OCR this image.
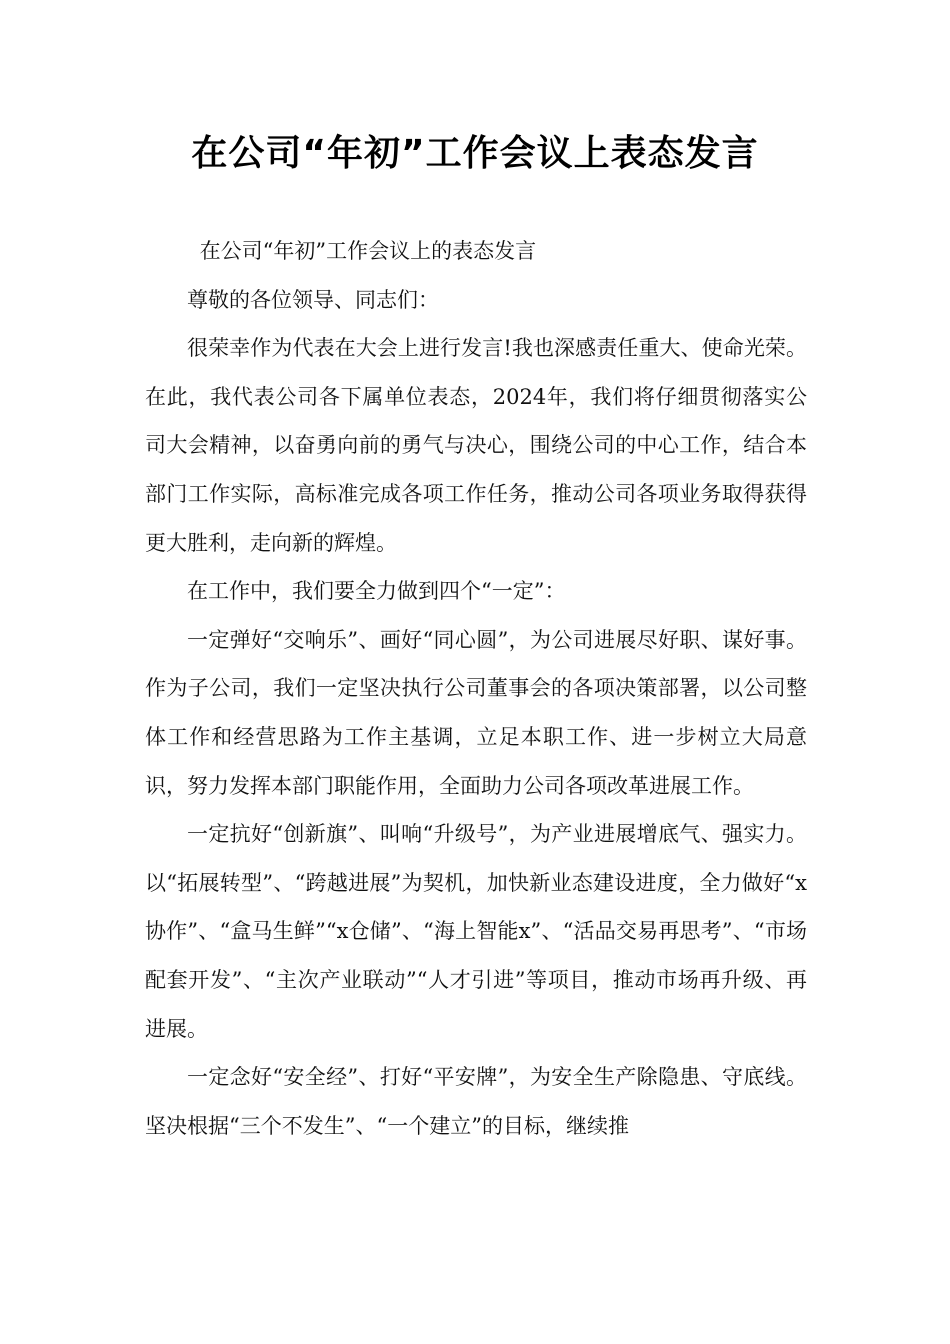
在公司“年初”工作会议上表态发言

在公司“年初”工作会议上的表态发言

尊敬的各位领导、同志们：

很荣幸作为代表在大会上进行发言!我也深感责任重大、使命光荣。在此，我代表公司各下属单位表态，2024年，我们将仔细贯彻落实公司大会精神，以奋勇向前的勇气与决心，围绕公司的中心工作，结合本部门工作实际，高标准完成各项工作任务，推动公司各项业务取得获得更大胜利，走向新的辉煌。

在工作中，我们要全力做到四个“一定”：

一定弹好“交响乐”、画好“同心圆”，为公司进展尽好职、谋好事。作为子公司，我们一定坚决执行公司董事会的各项决策部署，以公司整体工作和经营思路为工作主基调，立足本职工作、进一步树立大局意识，努力发挥本部门职能作用，全面助力公司各项改革进展工作。

一定抗好“创新旗”、叫响“升级号”，为产业进展增底气、强实力。以“拓展转型”、“跨越进展”为契机，加快新业态建设进度，全力做好“x协作”、“盒马生鲜”“x仓储”、“海上智能x”、“活品交易再思考”、“市场配套开发”、“主次产业联动”“人才引进”等项目，推动市场再升级、再进展。

一定念好“安全经”、打好“平安牌”，为安全生产除隐患、守底线。坚决根据“三个不发生”、“一个建立”的目标，继续推
